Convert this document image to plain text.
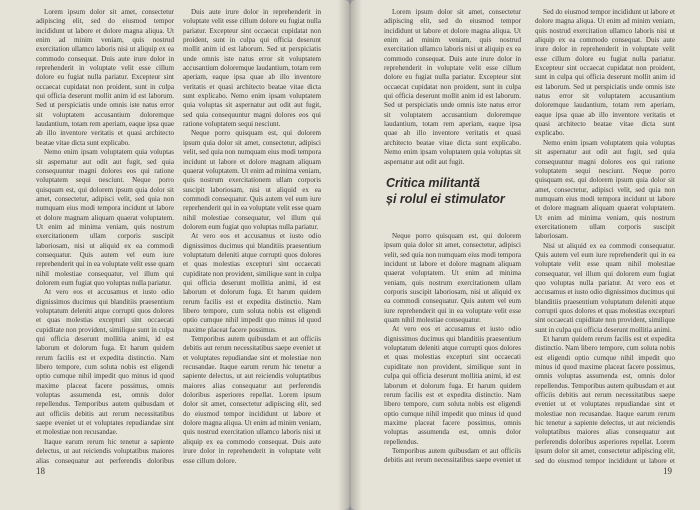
Lorem ipsum dolor sit amet, consectetur adipiscing elit, sed do eiusmod tempor incididunt ut labore et dolore magna aliqua. Ut enim ad minim veniam, quis nostrud exercitation ullamco laboris nisi ut aliquip ex ea commodo consequat. Duis aute irure dolor in reprehenderit in voluptate velit esse cillum dolore eu fugiat nulla pariatur. Excepteur sint occaecat cupidatat non proident, sunt in culpa qui officia deserunt mollit anim id est laborum. Sed ut perspiciatis unde omnis iste natus error sit voluptatem accusantium doloremque laudantium, totam rem aperiam, eaque ipsa quae ab illo inventore veritatis et quasi architecto beatae vitae dicta sunt explicabo.

Nemo enim ipsam voluptatem quia voluptas sit aspernatur aut odit aut fugit, sed quia consequuntur magni dolores eos qui ratione voluptatem sequi nesciunt. Neque porro quisquam est, qui dolorem ipsum quia dolor sit amet, consectetur, adipisci velit, sed quia non numquam eius modi tempora incidunt ut labore et dolore magnam aliquam quaerat voluptatem. Ut enim ad minima veniam, quis nostrum exercitationem ullam corporis suscipit laboriosam, nisi ut aliquid ex ea commodi consequatur. Quis autem vel eum iure reprehenderit qui in ea voluptate velit esse quam nihil molestiae consequatur, vel illum qui dolorem eum fugiat quo voluptas nulla pariatur.

At vero eos et accusamus et iusto odio dignissimos ducimus qui blanditiis praesentium voluptatum deleniti atque corrupti quos dolores et quas molestias excepturi sint occaecati cupiditate non provident, similique sunt in culpa qui officia deserunt mollitia animi, id est laborum et dolorum fuga. Et harum quidem rerum facilis est et expedita distinctio. Nam libero tempore, cum soluta nobis est eligendi optio cumque nihil impedit quo minus id quod maxime placeat facere possimus, omnis voluptas assumenda est, omnis dolor repellendus. Temporibus autem quibusdam et aut officiis debitis aut rerum necessitatibus saepe eveniet ut et voluptates repudiandae sint et molestiae non recusandae.

Itaque earum rerum hic tenetur a sapiente delectus, ut aut reiciendis voluptatibus maiores alias consequatur aut perferendis doloribus

Duis aute irure dolor in reprehenderit in voluptate velit esse cillum dolore eu fugiat nulla pariatur. Excepteur sint occaecat cupidatat non proident, sunt in culpa qui officia deserunt mollit anim id est laborum. Sed ut perspiciatis unde omnis iste natus error sit voluptatem accusantium doloremque laudantium, totam rem aperiam, eaque ipsa quae ab illo inventore veritatis et quasi architecto beatae vitae dicta sunt explicabo. Nemo enim ipsam voluptatem quia voluptas sit aspernatur aut odit aut fugit, sed quia consequuntur magni dolores eos qui ratione voluptatem sequi nesciunt.

Neque porro quisquam est, qui dolorem ipsum quia dolor sit amet, consectetur, adipisci velit, sed quia non numquam eius modi tempora incidunt ut labore et dolore magnam aliquam quaerat voluptatem. Ut enim ad minima veniam, quis nostrum exercitationem ullam corporis suscipit laboriosam, nisi ut aliquid ex ea commodi consequatur. Quis autem vel eum iure reprehenderit qui in ea voluptate velit esse quam nihil molestiae consequatur, vel illum qui dolorem eum fugiat quo voluptas nulla pariatur.

At vero eos et accusamus et iusto odio dignissimos ducimus qui blanditiis praesentium voluptatum deleniti atque corrupti quos dolores et quas molestias excepturi sint occaecati cupiditate non provident, similique sunt in culpa qui officia deserunt mollitia animi, id est laborum et dolorum fuga. Et harum quidem rerum facilis est et expedita distinctio. Nam libero tempore, cum soluta nobis est eligendi optio cumque nihil impedit quo minus id quod maxime placeat facere possimus.

Temporibus autem quibusdam et aut officiis debitis aut rerum necessitatibus saepe eveniet ut et voluptates repudiandae sint et molestiae non recusandae. Itaque earum rerum hic tenetur a sapiente delectus, ut aut reiciendis voluptatibus maiores alias consequatur aut perferendis doloribus asperiores repellat. Lorem ipsum dolor sit amet, consectetur adipiscing elit, sed do eiusmod tempor incididunt ut labore et dolore magna aliqua. Ut enim ad minim veniam, quis nostrud exercitation ullamco laboris nisi ut aliquip ex ea commodo consequat. Duis aute irure dolor in reprehenderit in voluptate velit esse cillum dolore.

18

Lorem ipsum dolor sit amet, consectetur adipiscing elit, sed do eiusmod tempor incididunt ut labore et dolore magna aliqua. Ut enim ad minim veniam, quis nostrud exercitation ullamco laboris nisi ut aliquip ex ea commodo consequat. Duis aute irure dolor in reprehenderit in voluptate velit esse cillum dolore eu fugiat nulla pariatur. Excepteur sint occaecat cupidatat non proident, sunt in culpa qui officia deserunt mollit anim id est laborum. Sed ut perspiciatis unde omnis iste natus error sit voluptatem accusantium doloremque laudantium, totam rem aperiam, eaque ipsa quae ab illo inventore veritatis et quasi architecto beatae vitae dicta sunt explicabo. Nemo enim ipsam voluptatem quia voluptas sit aspernatur aut odit aut fugit.

Critica militantă
și rolul ei stimulator

Neque porro quisquam est, qui dolorem ipsum quia dolor sit amet, consectetur, adipisci velit, sed quia non numquam eius modi tempora incidunt ut labore et dolore magnam aliquam quaerat voluptatem. Ut enim ad minima veniam, quis nostrum exercitationem ullam corporis suscipit laboriosam, nisi ut aliquid ex ea commodi consequatur. Quis autem vel eum iure reprehenderit qui in ea voluptate velit esse quam nihil molestiae consequatur.

At vero eos et accusamus et iusto odio dignissimos ducimus qui blanditiis praesentium voluptatum deleniti atque corrupti quos dolores et quas molestias excepturi sint occaecati cupiditate non provident, similique sunt in culpa qui officia deserunt mollitia animi, id est laborum et dolorum fuga. Et harum quidem rerum facilis est et expedita distinctio. Nam libero tempore, cum soluta nobis est eligendi optio cumque nihil impedit quo minus id quod maxime placeat facere possimus, omnis voluptas assumenda est, omnis dolor repellendus.

Temporibus autem quibusdam et aut officiis debitis aut rerum necessitatibus saepe eveniet ut

Sed do eiusmod tempor incididunt ut labore et dolore magna aliqua. Ut enim ad minim veniam, quis nostrud exercitation ullamco laboris nisi ut aliquip ex ea commodo consequat. Duis aute irure dolor in reprehenderit in voluptate velit esse cillum dolore eu fugiat nulla pariatur. Excepteur sint occaecat cupidatat non proident, sunt in culpa qui officia deserunt mollit anim id est laborum. Sed ut perspiciatis unde omnis iste natus error sit voluptatem accusantium doloremque laudantium, totam rem aperiam, eaque ipsa quae ab illo inventore veritatis et quasi architecto beatae vitae dicta sunt explicabo.

Nemo enim ipsam voluptatem quia voluptas sit aspernatur aut odit aut fugit, sed quia consequuntur magni dolores eos qui ratione voluptatem sequi nesciunt. Neque porro quisquam est, qui dolorem ipsum quia dolor sit amet, consectetur, adipisci velit, sed quia non numquam eius modi tempora incidunt ut labore et dolore magnam aliquam quaerat voluptatem. Ut enim ad minima veniam, quis nostrum exercitationem ullam corporis suscipit laboriosam.

Nisi ut aliquid ex ea commodi consequatur. Quis autem vel eum iure reprehenderit qui in ea voluptate velit esse quam nihil molestiae consequatur, vel illum qui dolorem eum fugiat quo voluptas nulla pariatur. At vero eos et accusamus et iusto odio dignissimos ducimus qui blanditiis praesentium voluptatum deleniti atque corrupti quos dolores et quas molestias excepturi sint occaecati cupiditate non provident, similique sunt in culpa qui officia deserunt mollitia animi.

Et harum quidem rerum facilis est et expedita distinctio. Nam libero tempore, cum soluta nobis est eligendi optio cumque nihil impedit quo minus id quod maxime placeat facere possimus, omnis voluptas assumenda est, omnis dolor repellendus. Temporibus autem quibusdam et aut officiis debitis aut rerum necessitatibus saepe eveniet ut et voluptates repudiandae sint et molestiae non recusandae. Itaque earum rerum hic tenetur a sapiente delectus, ut aut reiciendis voluptatibus maiores alias consequatur aut perferendis doloribus asperiores repellat. Lorem ipsum dolor sit amet, consectetur adipiscing elit, sed do eiusmod tempor incididunt ut labore et

19
